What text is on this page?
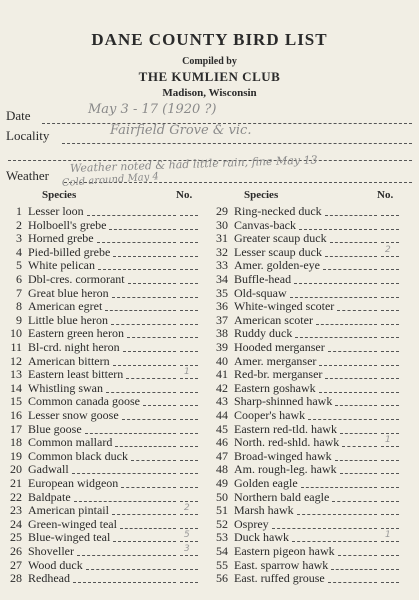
DANE COUNTY BIRD LIST
Compiled by
THE KUMLIEN CLUB
Madison, Wisconsin
Date	May 3 - 17 (1920 ?)
Locality	Fairfield Grove & vic.
Weather
Weather noted & had little rain, fine May 13
Cold around May 4
Species	No.	Species	No.
1 Lesser loon
2 Holboell's grebe
3 Horned grebe
4 Pied-billed grebe
5 White pelican
6 Dbl-cres. cormorant
7 Great blue heron
8 American egret
9 Little blue heron
10 Eastern green heron
11 Bl-crd. night heron
12 American bittern
13 Eastern least bittern	1
14 Whistling swan
15 Common canada goose
16 Lesser snow goose
17 Blue goose
18 Common mallard
19 Common black duck
20 Gadwall
21 European widgeon
22 Baldpate
23 American pintail	2
24 Green-winged teal
25 Blue-winged teal	5
26 Shoveller	3
27 Wood duck
28 Redhead
29 Ring-necked duck
30 Canvas-back
31 Greater scaup duck
32 Lesser scaup duck	2
33 Amer. golden-eye
34 Buffle-head
35 Old-squaw
36 White-winged scoter
37 American scoter
38 Ruddy duck
39 Hooded merganser
40 Amer. merganser
41 Red-br. merganser
42 Eastern goshawk
43 Sharp-shinned hawk
44 Cooper's hawk
45 Eastern red-tld. hawk
46 North. red-shld. hawk	1
47 Broad-winged hawk
48 Am. rough-leg. hawk
49 Golden eagle
50 Northern bald eagle
51 Marsh hawk
52 Osprey
53 Duck hawk	1
54 Eastern pigeon hawk
55 East. sparrow hawk
56 East. ruffed grouse
